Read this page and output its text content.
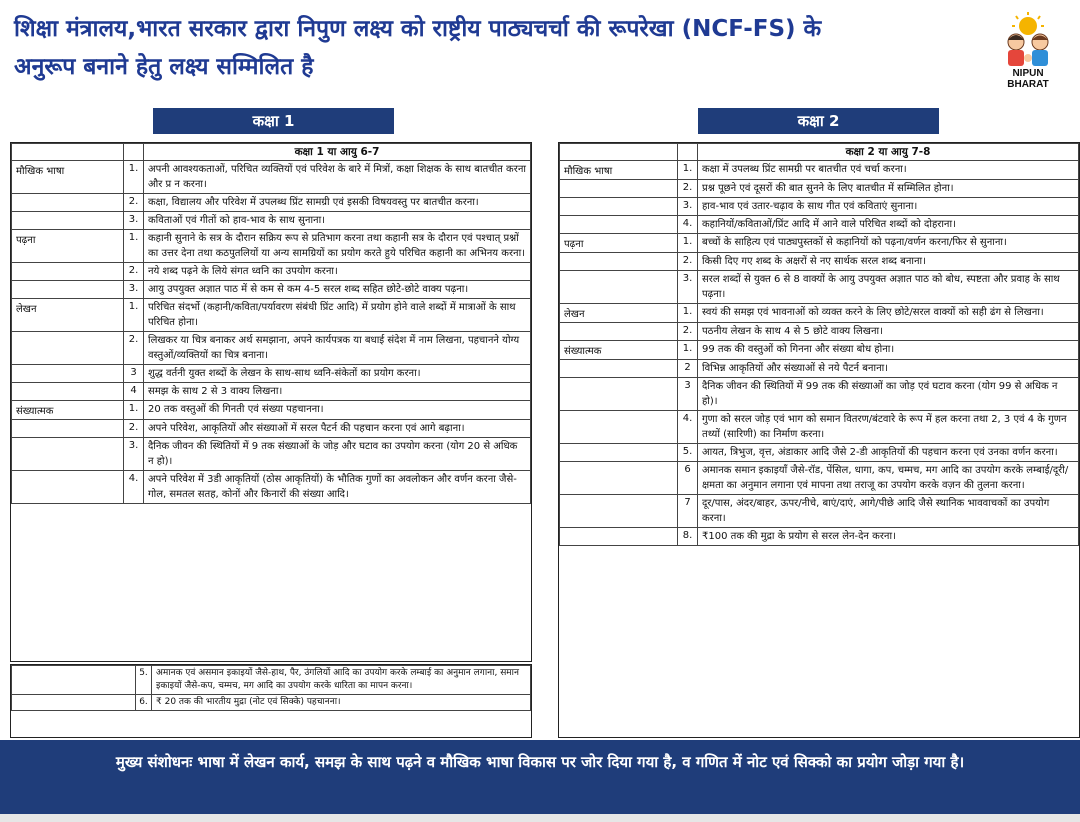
शिक्षा मंत्रालय,भारत सरकार द्वारा निपुण लक्ष्य को राष्ट्रीय पाठ्यचर्चा की रूपरेखा (NCF-FS) के
अनुरूप बनाने हेतु लक्ष्य सम्मिलित है	NIPUN
BHARAT
कक्षा 1	कक्षा 2
		कक्षा 1 या आयु 6-7
मौखिक भाषा	1.	अपनी आवश्यकताओं, परिचित व्यक्तियों एवं परिवेश के बारे में मित्रों, कक्षा शिक्षक के साथ बातचीत करना और प्र न करना।
	2.	कक्षा, विद्यालय और परिवेश में उपलब्ध प्रिंट सामग्री एवं इसकी विषयवस्तु पर बातचीत करना।
	3.	कविताओं एवं गीतों को हाव-भाव के साथ सुनाना।
पढ़ना	1.	कहानी सुनाने के सत्र के दौरान सक्रिय रूप से प्रतिभाग करना तथा कहानी सत्र के दौरान एवं पश्चात् प्रश्नों का उत्तर देना तथा कठपुतलियों या अन्य सामग्रियों का प्रयोग करते हुये परिचित कहानी का अभिनय करना।
	2.	नये शब्द पढ़ने के लिये संगत ध्वनि का उपयोग करना।
	3.	आयु उपयुक्त अज्ञात पाठ में से कम से कम 4-5 सरल शब्द सहित छोटे-छोटे वाक्य पढ़ना।
लेखन	1.	परिचित संदर्भो (कहानी/कविता/पर्यावरण संबंधी प्रिंट आदि) में प्रयोग होने वाले शब्दों में मात्राओं के साथ परिचित होना।
	2.	लिखकर या चित्र बनाकर अर्थ समझाना, अपने कार्यपत्रक या बधाई संदेश में नाम लिखना, पहचानने योग्य वस्तुओं/व्यक्तियों का चित्र बनाना।
	3	शुद्ध वर्तनी युक्त शब्दों के लेखन के साथ-साथ ध्वनि-संकेतों का प्रयोग करना।
	4	समझ के साथ 2 से 3 वाक्य लिखना।
संख्यात्मक	1.	20 तक वस्तुओं की गिनती एवं संख्या पहचानना।
	2.	अपने परिवेश, आकृतियों और संख्याओं में सरल पैटर्न की पहचान करना एवं आगे बढ़ाना।
	3.	दैनिक जीवन की स्थितियों में 9 तक संख्याओं के जोड़ और घटाव का उपयोग करना (योग 20 से अधिक न हो)।
	4.	अपने परिवेश में 3डी आकृतियों (ठोस आकृतियों) के भौतिक गुणों का अवलोकन और वर्णन करना जैसे-गोल, समतल सतह, कोनों और किनारों की संख्या आदि।
	5.	अमानक एवं असमान इकाइयों जैसे-हाथ, पैर, उंगलियों आदि का उपयोग करके लम्बाई का अनुमान लगाना, समान इकाइयों जैसे-कप, चम्मच, मग आदि का उपयोग करके धारिता का मापन करना।
	6.	₹ 20 तक की भारतीय मुद्रा (नोट एवं सिक्के) पहचानना।
		कक्षा 2 या आयु 7-8
मौखिक भाषा	1.	कक्षा में उपलब्ध प्रिंट सामग्री पर बातचीत एवं चर्चा करना।
	2.	प्रश्न पूछने एवं दूसरों की बात सुनने के लिए बातचीत में सम्मिलित होना।
	3.	हाव-भाव एवं उतार-चढ़ाव के साथ गीत एवं कविताएं सुनाना।
	4.	कहानियों/कविताओं/प्रिंट आदि में आने वाले परिचित शब्दों को दोहराना।
पढ़ना	1.	बच्चों के साहित्य एवं पाठ्यपुस्तकों से कहानियों को पढ़ना/वर्णन करना/फिर से सुनाना।
	2.	किसी दिए गए शब्द के अक्षरों से नए सार्थक सरल शब्द बनाना।
	3.	सरल शब्दों से युक्त 6 से 8 वाक्यों के आयु उपयुक्त अज्ञात पाठ को बोध, स्पष्टता और प्रवाह के साथ पढ़ना।
लेखन	1.	स्वयं की समझ एवं भावनाओं को व्यक्त करने के लिए छोटे/सरल वाक्यों को सही ढंग से लिखना।
	2.	पठनीय लेखन के साथ 4 से 5 छोटे वाक्य लिखना।
संख्यात्मक	1.	99 तक की वस्तुओं को गिनना और संख्या बोध होना।
	2	विभिन्न आकृतियों और संख्याओं से नये पैटर्न बनाना।
	3	दैनिक जीवन की स्थितियों में 99 तक की संख्याओं का जोड़ एवं घटाव करना (योग 99 से अधिक न हो)।
	4.	गुणा को सरल जोड़ एवं भाग को समान वितरण/बंटवारे के रूप में हल करना तथा 2, 3 एवं 4 के गुणन तथ्यों (सारिणी) का निर्माण करना।
	5.	आयत, त्रिभुज, वृत्त, अंडाकार आदि जैसे 2-डी आकृतियों की पहचान करना एवं उनका वर्णन करना।
	6	अमानक समान इकाइयाँ जैसे-रॉड, पेंसिल, धागा, कप, चम्मच, मग आदि का उपयोग करके लम्बाई/दूरी/क्षमता का अनुमान लगाना एवं मापना तथा तराजू का उपयोग करके वज़न की तुलना करना।
	7	दूर/पास, अंदर/बाहर, ऊपर/नीचे, बाएं/दाएं, आगे/पीछे आदि जैसे स्थानिक भाववाचकों का उपयोग करना।
	8.	₹100 तक की मुद्रा के प्रयोग से सरल लेन-देन करना।
मुख्य संशोधनः भाषा में लेखन कार्य, समझ के साथ पढ़ने व मौखिक भाषा विकास पर जोर दिया गया है, व गणित में नोट एवं सिक्को का प्रयोग जोड़ा गया है।
